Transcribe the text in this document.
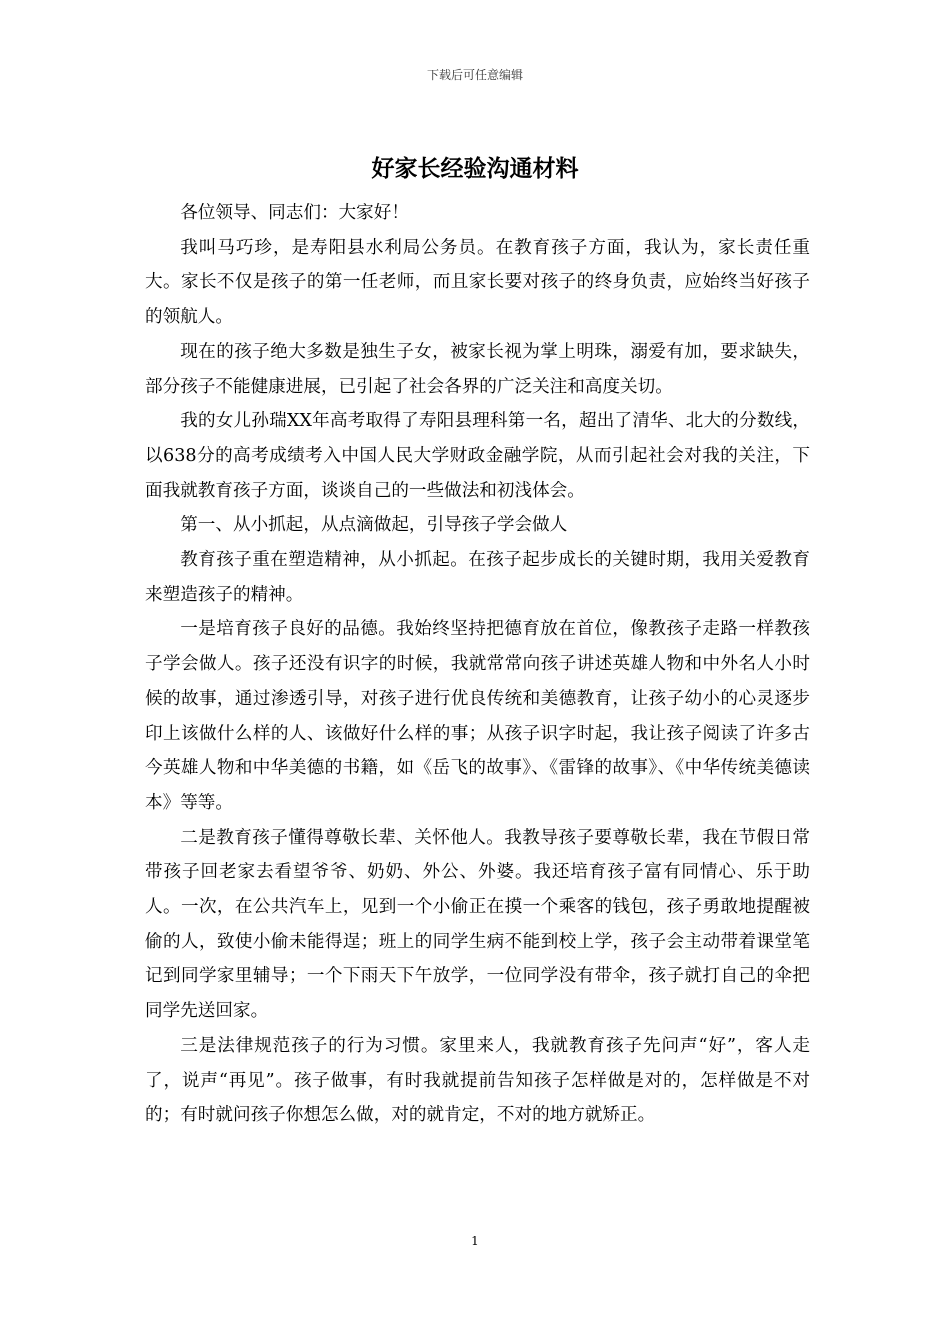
下载后可任意编辑
好家长经验沟通材料

各位领导、同志们：大家好！

我叫马巧珍，是寿阳县水利局公务员。在教育孩子方面，我认为，家长责任重大。家长不仅是孩子的第一任老师，而且家长要对孩子的终身负责，应始终当好孩子的领航人。

现在的孩子绝大多数是独生子女，被家长视为掌上明珠，溺爱有加，要求缺失，部分孩子不能健康进展，已引起了社会各界的广泛关注和高度关切。

我的女儿孙瑞XX年高考取得了寿阳县理科第一名，超出了清华、北大的分数线，以638分的高考成绩考入中国人民大学财政金融学院，从而引起社会对我的关注，下面我就教育孩子方面，谈谈自己的一些做法和初浅体会。

第一、从小抓起，从点滴做起，引导孩子学会做人

教育孩子重在塑造精神，从小抓起。在孩子起步成长的关键时期，我用关爱教育来塑造孩子的精神。

一是培育孩子良好的品德。我始终坚持把德育放在首位，像教孩子走路一样教孩子学会做人。孩子还没有识字的时候，我就常常向孩子讲述英雄人物和中外名人小时候的故事，通过渗透引导，对孩子进行优良传统和美德教育，让孩子幼小的心灵逐步印上该做什么样的人、该做好什么样的事；从孩子识字时起，我让孩子阅读了许多古今英雄人物和中华美德的书籍，如《岳飞的故事》、《雷锋的故事》、《中华传统美德读本》等等。

二是教育孩子懂得尊敬长辈、关怀他人。我教导孩子要尊敬长辈，我在节假日常带孩子回老家去看望爷爷、奶奶、外公、外婆。我还培育孩子富有同情心、乐于助人。一次，在公共汽车上，见到一个小偷正在摸一个乘客的钱包，孩子勇敢地提醒被偷的人，致使小偷未能得逞；班上的同学生病不能到校上学，孩子会主动带着课堂笔记到同学家里辅导；一个下雨天下午放学，一位同学没有带伞，孩子就打自己的伞把同学先送回家。

三是法律规范孩子的行为习惯。家里来人，我就教育孩子先问声“好”，客人走了，说声“再见”。孩子做事，有时我就提前告知孩子怎样做是对的，怎样做是不对的；有时就问孩子你想怎么做，对的就肯定，不对的地方就矫正。

1
